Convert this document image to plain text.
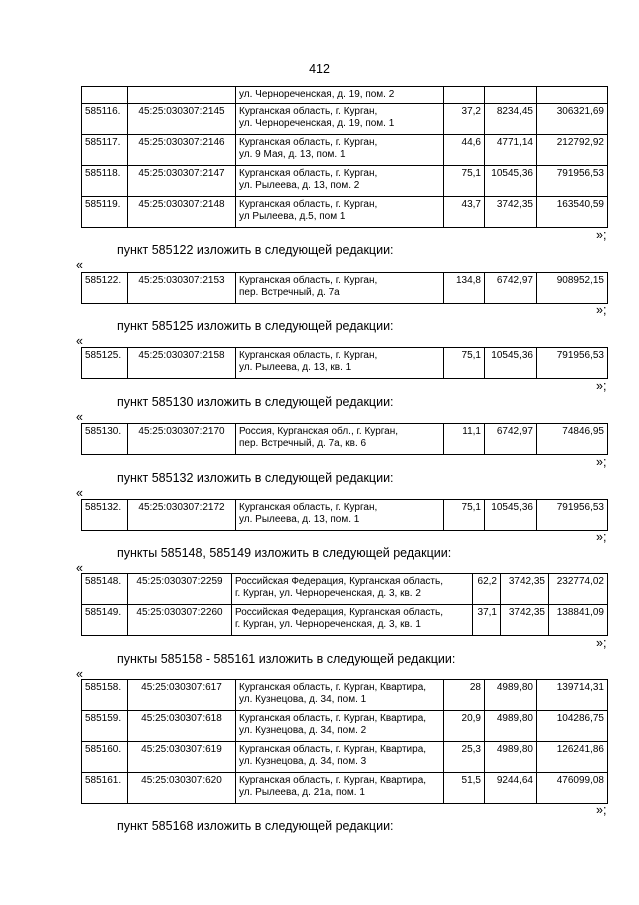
412
		ул. Черноречeнская, д. 19, пом. 2			
585116.	45:25:030307:2145	Курганская область, г. Курган,
ул. Черноречeнская, д. 19, пом. 1	37,2	8234,45	306321,69
585117.	45:25:030307:2146	Курганская область, г. Курган,
ул. 9 Мая, д. 13, пом. 1	44,6	4771,14	212792,92
585118.	45:25:030307:2147	Курганская область, г. Курган,
ул. Рылеева, д. 13, пом. 2	75,1	10545,36	791956,53
585119.	45:25:030307:2148	Курганская область, г. Курган,
ул Рылеева, д.5, пом 1	43,7	3742,35	163540,59
»;
пункт 585122 изложить в следующей редакции:
«
585122.	45:25:030307:2153	Курганская область, г. Курган,
пер. Встречный, д. 7а	134,8	6742,97	908952,15
»;
пункт 585125 изложить в следующей редакции:
«
585125.	45:25:030307:2158	Курганская область, г. Курган,
ул. Рылеева, д. 13, кв. 1	75,1	10545,36	791956,53
»;
пункт 585130 изложить в следующей редакции:
«
585130.	45:25:030307:2170	Россия, Курганская обл., г. Курган,
пер. Встречный, д. 7а, кв. 6	11,1	6742,97	74846,95
»;
пункт 585132 изложить в следующей редакции:
«
585132.	45:25:030307:2172	Курганская область, г. Курган,
ул. Рылеева, д. 13, пом. 1	75,1	10545,36	791956,53
»;
пункты 585148, 585149 изложить в следующей редакции:
«
585148.	45:25:030307:2259	Российская Федерация, Курганская область,
г. Курган, ул. Черноречeнская, д. 3, кв. 2	62,2	3742,35	232774,02
585149.	45:25:030307:2260	Российская Федерация, Курганская область,
г. Курган, ул. Черноречeнская, д. 3, кв. 1	37,1	3742,35	138841,09
»;
пункты 585158 - 585161 изложить в следующей редакции:
«
585158.	45:25:030307:617	Курганская область, г. Курган, Квартира,
ул. Кузнецова, д. 34, пом. 1	28	4989,80	139714,31
585159.	45:25:030307:618	Курганская область, г. Курган, Квартира,
ул. Кузнецова, д. 34, пом. 2	20,9	4989,80	104286,75
585160.	45:25:030307:619	Курганская область, г. Курган, Квартира,
ул. Кузнецова, д. 34, пом. 3	25,3	4989,80	126241,86
585161.	45:25:030307:620	Курганская область, г. Курган, Квартира,
ул. Рылеева, д. 21а, пом. 1	51,5	9244,64	476099,08
»;
пункт 585168 изложить в следующей редакции:
